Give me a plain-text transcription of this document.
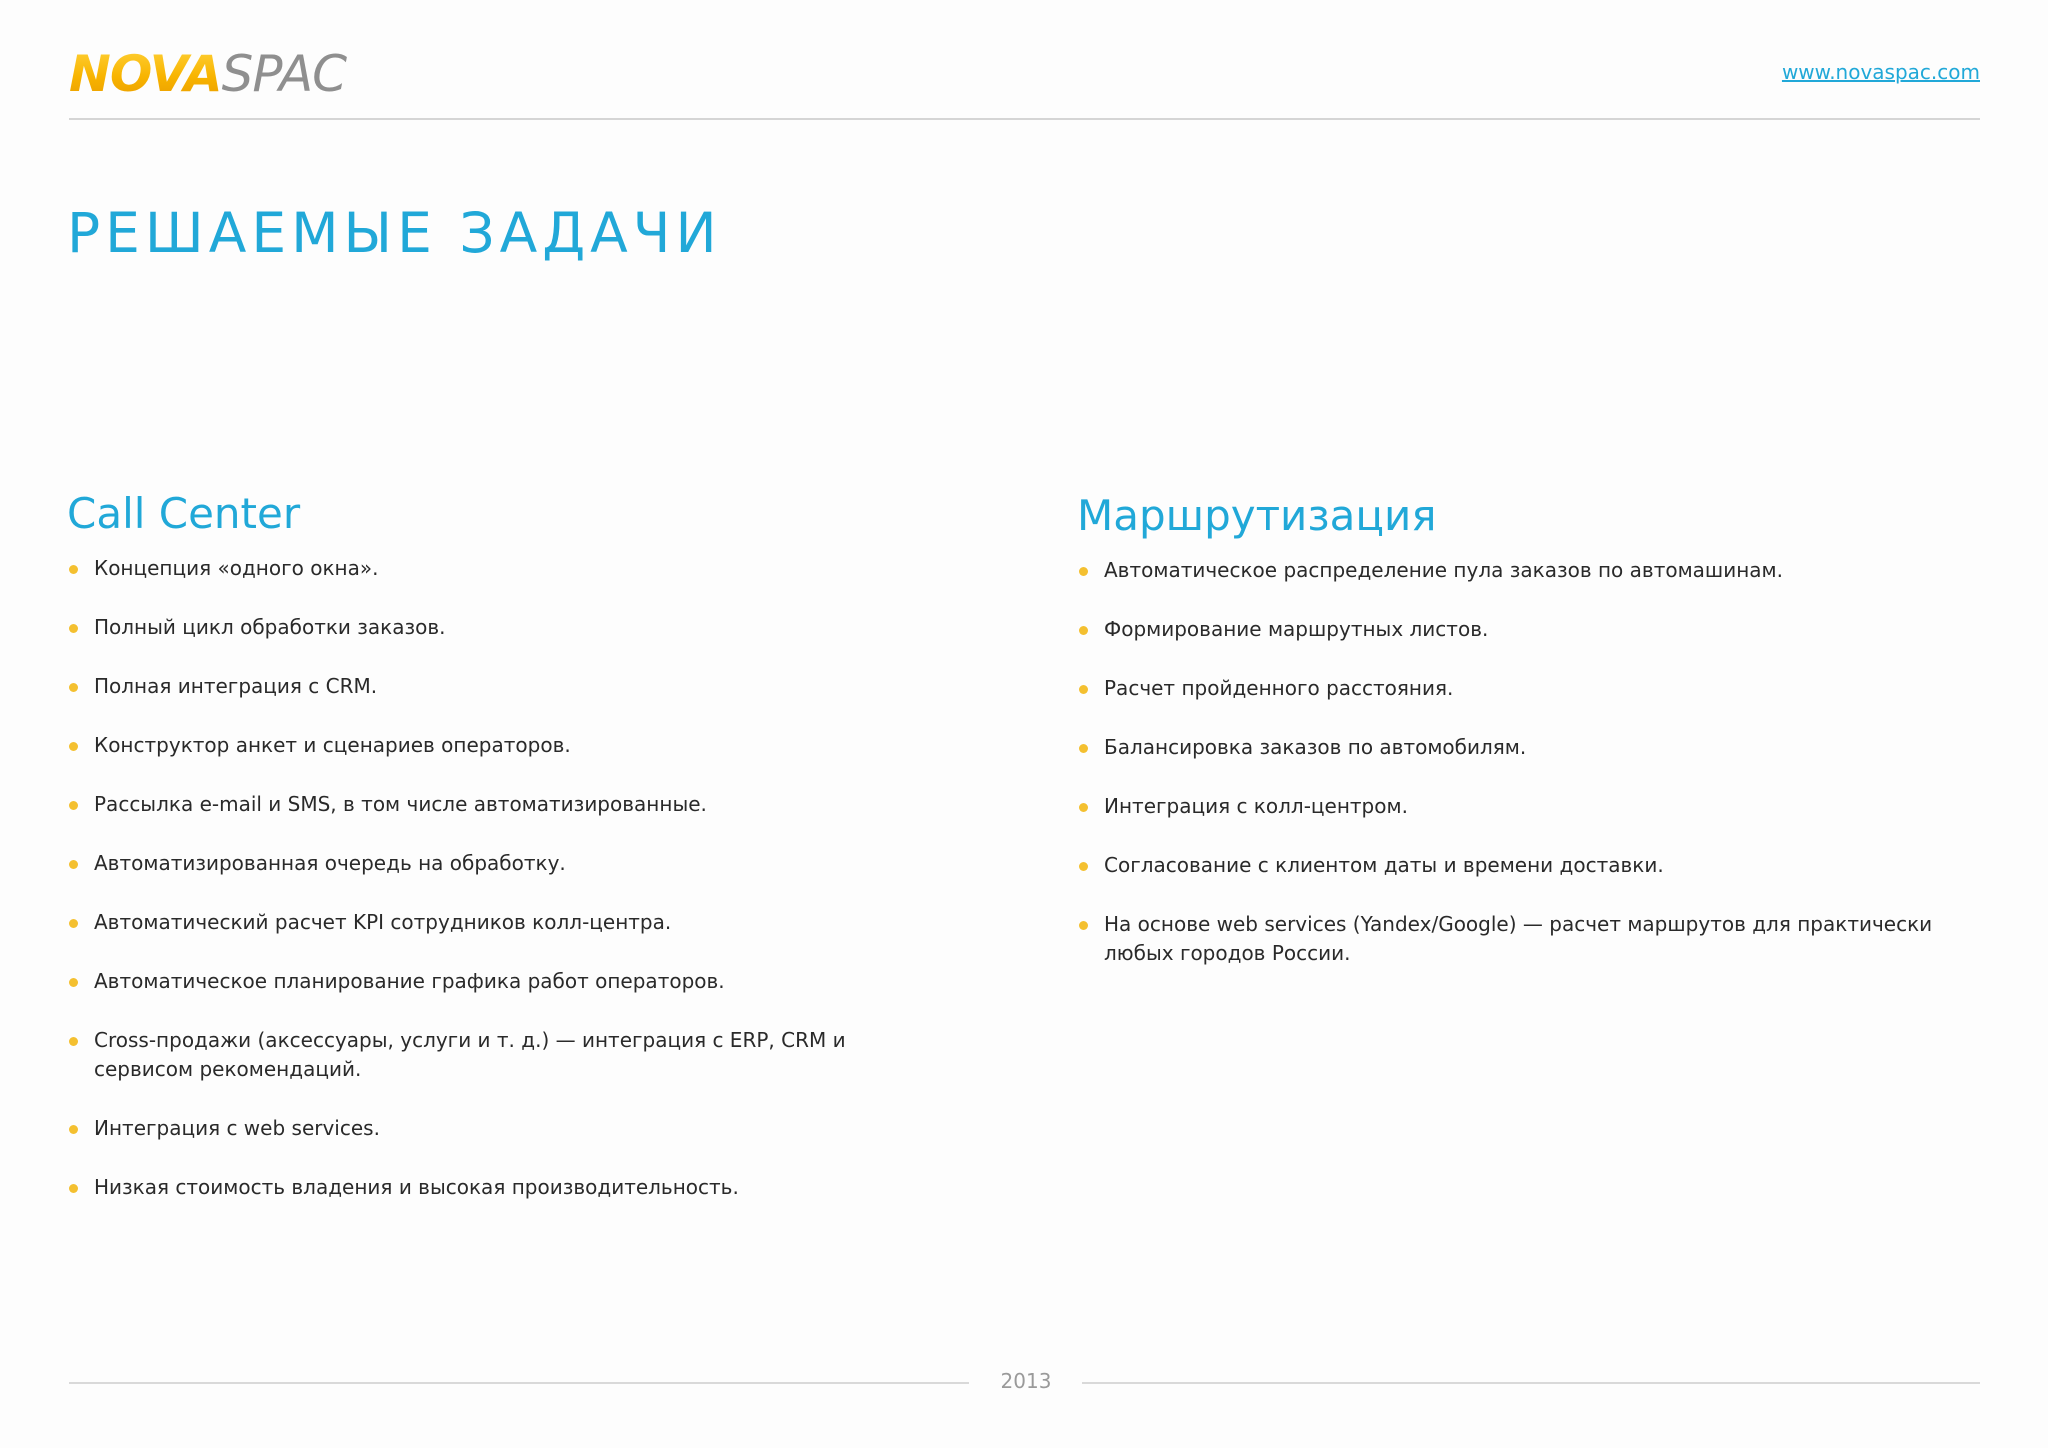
NOVASPAC	www.novaspac.com
РЕШАЕМЫЕ ЗАДАЧИ
Call Center
Концепция «одного окна».
Полный цикл обработки заказов.
Полная интеграция с CRM.
Конструктор анкет и сценариев операторов.
Рассылка e-mail и SMS, в том числе автоматизированные.
Автоматизированная очередь на обработку.
Автоматический расчет KPI сотрудников колл-центра.
Автоматическое планирование графика работ операторов.
Cross-продажи (аксессуары, услуги и т. д.) — интеграция с ERP, CRM и сервисом рекомендаций.
Интеграция с web services.
Низкая стоимость владения и высокая производительность.
Маршрутизация
Автоматическое распределение пула заказов по автомашинам.
Формирование маршрутных листов.
Расчет пройденного расстояния.
Балансировка заказов по автомобилям.
Интеграция с колл-центром.
Согласование с клиентом даты и времени доставки.
На основе web services (Yandex/Google) — расчет маршрутов для практически любых городов России.
2013
